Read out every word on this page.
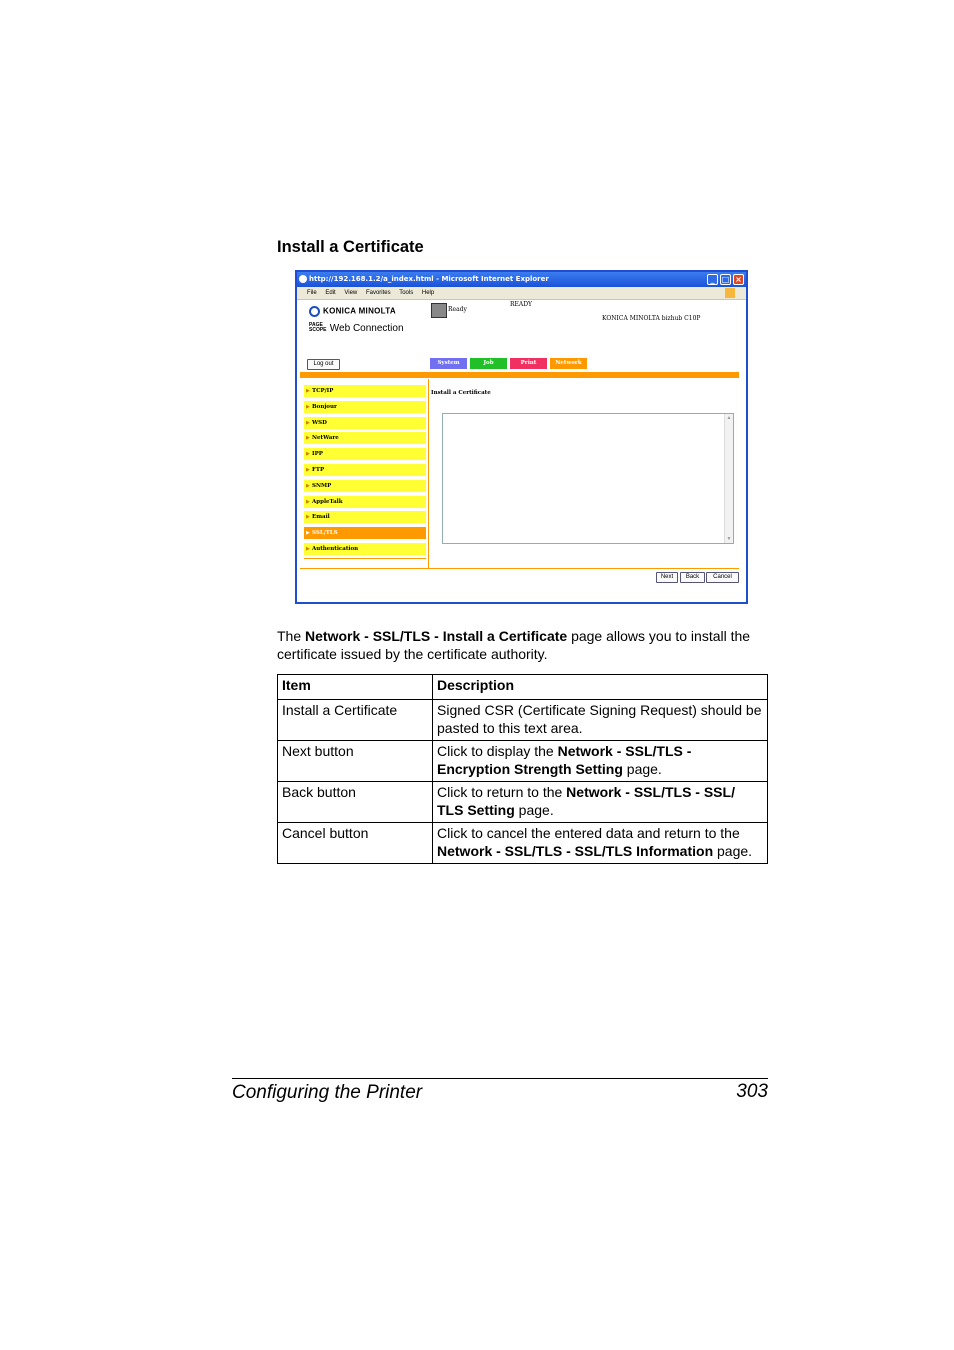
Install a Certificate
http://192.168.1.2/a_index.html - Microsoft Internet Explorer	_ □ ×
File Edit View Favorites Tools Help
KONICA MINOLTA
PAGE SCOPE Web Connection
Ready
READY
KONICA MINOLTA bizhub C10P
Log out	System	Job	Print	Network
▶ TCP/IP
▶ Bonjour
▶ WSD
▶ NetWare
▶ IPP
▶ FTP
▶ SNMP
▶ AppleTalk
▶ Email
▶ SSL/TLS
▶ Authentication
Install a Certificate
▲
▼
Next	Back	Cancel
The Network - SSL/TLS - Install a Certificate page allows you to install the certificate issued by the certificate authority.
Item	Description
Install a Certificate	Signed CSR (Certificate Signing Request) should be pasted to this text area.
Next button	Click to display the Network - SSL/TLS - Encryption Strength Setting page.
Back button	Click to return to the Network - SSL/TLS - SSL/ TLS Setting page.
Cancel button	Click to cancel the entered data and return to the Network - SSL/TLS - SSL/TLS Information page.
Configuring the Printer	303
